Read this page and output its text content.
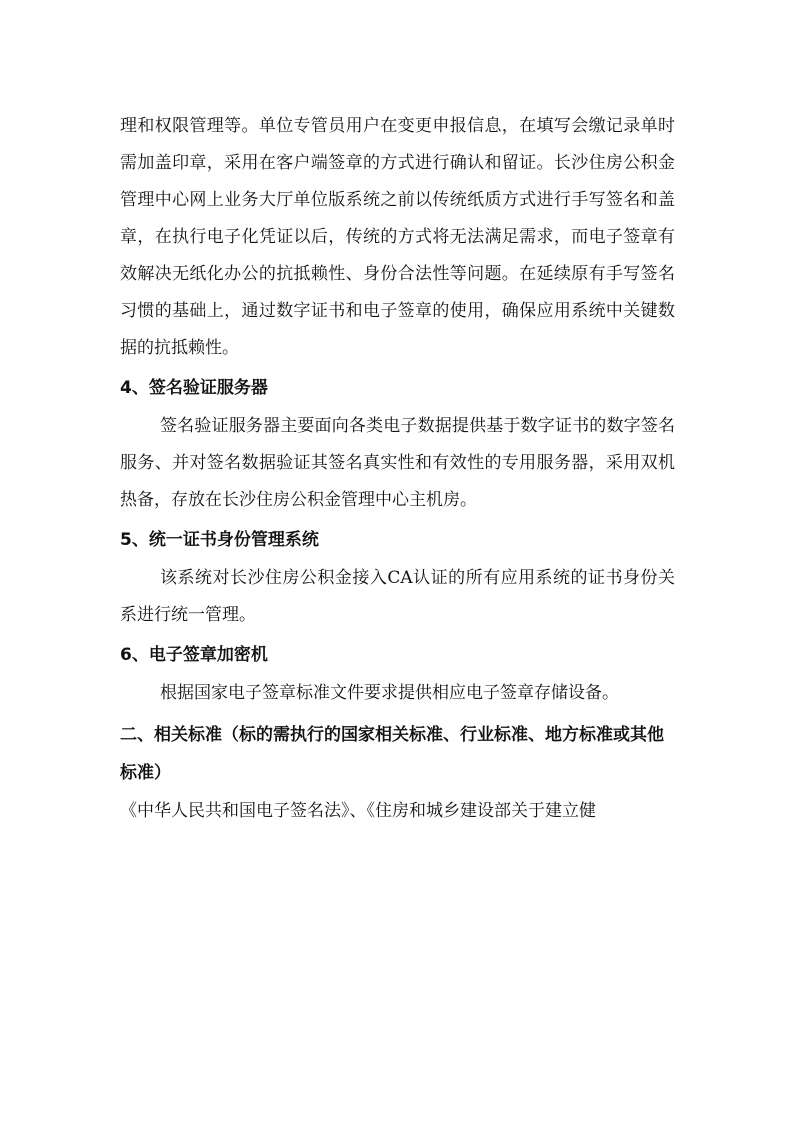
理和权限管理等。单位专管员用户在变更申报信息，在填写会缴记录单时需加盖印章，采用在客户端签章的方式进行确认和留证。长沙住房公积金管理中心网上业务大厅单位版系统之前以传统纸质方式进行手写签名和盖章，在执行电子化凭证以后，传统的方式将无法满足需求，而电子签章有效解决无纸化办公的抗抵赖性、身份合法性等问题。在延续原有手写签名习惯的基础上，通过数字证书和电子签章的使用，确保应用系统中关键数据的抗抵赖性。

4、签名验证服务器

签名验证服务器主要面向各类电子数据提供基于数字证书的数字签名服务、并对签名数据验证其签名真实性和有效性的专用服务器，采用双机热备，存放在长沙住房公积金管理中心主机房。

5、统一证书身份管理系统

该系统对长沙住房公积金接入CA认证的所有应用系统的证书身份关系进行统一管理。

6、电子签章加密机

根据国家电子签章标准文件要求提供相应电子签章存储设备。

二、相关标准（标的需执行的国家相关标准、行业标准、地方标准或其他标准）

《中华人民共和国电子签名法》、《住房和城乡建设部关于建立健
